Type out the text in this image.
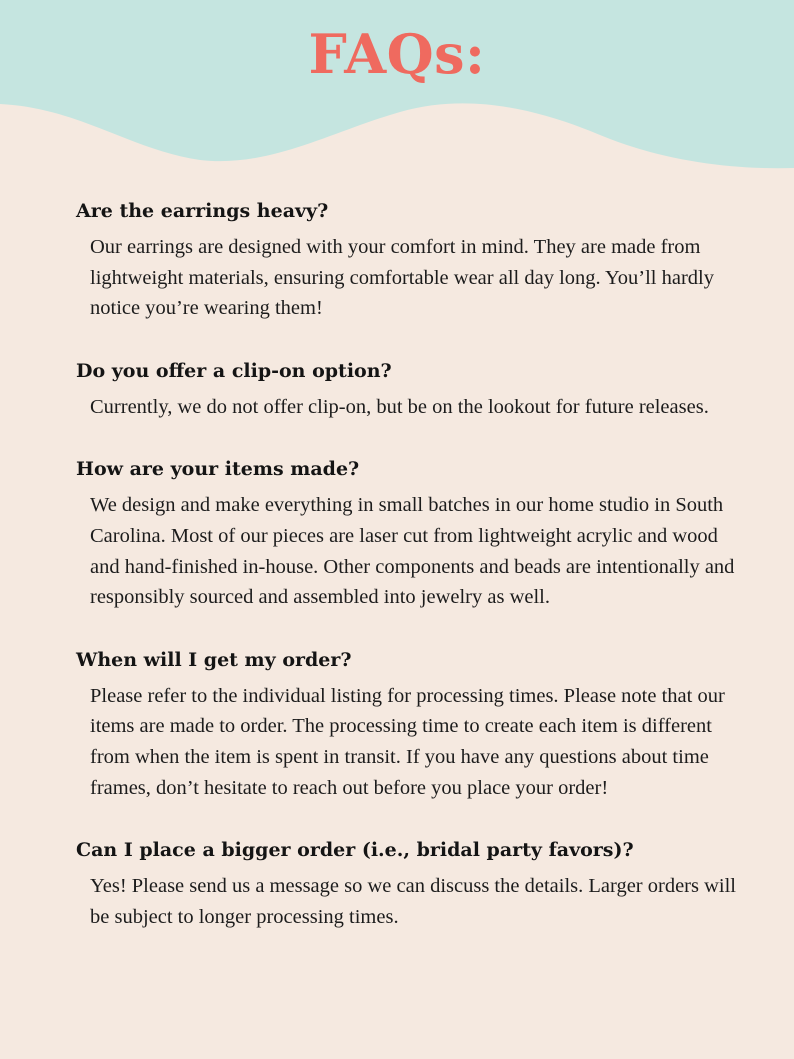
FAQs:
Are the earrings heavy?

Our earrings are designed with your comfort in mind. They are made from lightweight materials, ensuring comfortable wear all day long. You’ll hardly notice you’re wearing them!

Do you offer a clip-on option?

Currently, we do not offer clip-on, but be on the lookout for future releases.

How are your items made?

We design and make everything in small batches in our home studio in South Carolina. Most of our pieces are laser cut from lightweight acrylic and wood and hand-finished in-house. Other components and beads are intentionally and responsibly sourced and assembled into jewelry as well.

When will I get my order?

Please refer to the individual listing for processing times. Please note that our items are made to order. The processing time to create each item is different from when the item is spent in transit. If you have any questions about time frames, don’t hesitate to reach out before you place your order!

Can I place a bigger order (i.e., bridal party favors)?

Yes! Please send us a message so we can discuss the details. Larger orders will be subject to longer processing times.
